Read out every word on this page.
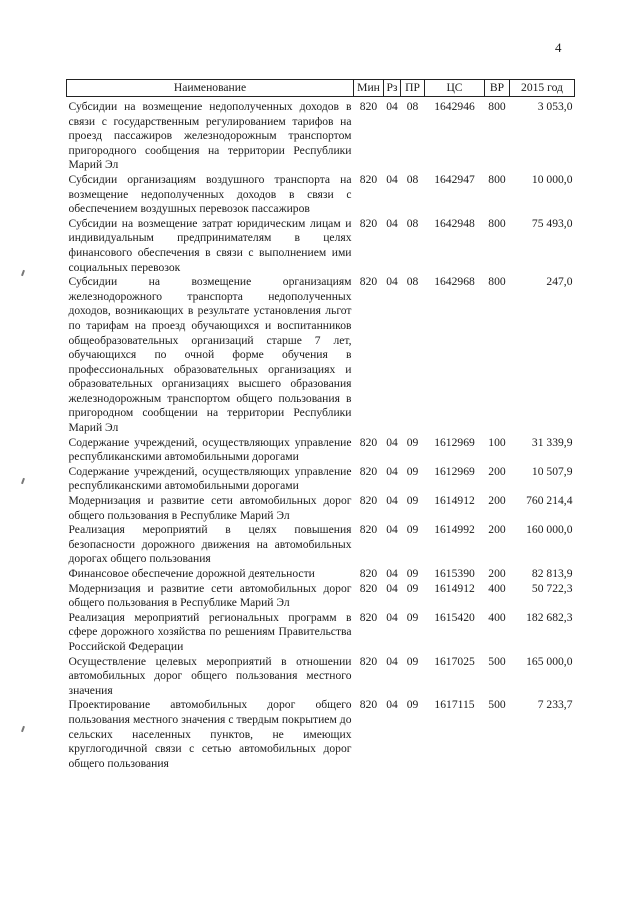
4
Наименование	Мин	Рз	ПР	ЦС	ВР	2015 год

Субсидии на возмещение недополученных доходов в связи с государственным регулированием тарифов на проезд пассажиров железнодорожным транспортом пригородного сообщения на территории Республики Марий Эл	820	04	08	1642946	800	3 053,0
Субсидии организациям воздушного транспорта на возмещение недополученных доходов в связи с обеспечением воздушных перевозок пассажиров	820	04	08	1642947	800	10 000,0
Субсидии на возмещение затрат юридическим лицам и индивидуальным предпринимателям в целях финансового обеспечения в связи с выполнением ими социальных перевозок	820	04	08	1642948	800	75 493,0
Субсидии на возмещение организациям железнодорожного транспорта недополученных доходов, возникающих в результате установления льгот по тарифам на проезд обучающихся и воспитанников общеобразовательных организаций старше 7 лет, обучающихся по очной форме обучения в профессиональных образовательных организациях и образовательных организациях высшего образования железнодорожным транспортом общего пользования в пригородном сообщении на территории Республики Марий Эл	820	04	08	1642968	800	247,0
Содержание учреждений, осуществляющих управление республиканскими автомобильными дорогами	820	04	09	1612969	100	31 339,9
Содержание учреждений, осуществляющих управление республиканскими автомобильными дорогами	820	04	09	1612969	200	10 507,9
Модернизация и развитие сети автомобильных дорог общего пользования в Республике Марий Эл	820	04	09	1614912	200	760 214,4
Реализация мероприятий в целях повышения безопасности дорожного движения на автомобильных дорогах общего пользования	820	04	09	1614992	200	160 000,0
Финансовое обеспечение дорожной деятельности	820	04	09	1615390	200	82 813,9
Модернизация и развитие сети автомобильных дорог общего пользования в Республике Марий Эл	820	04	09	1614912	400	50 722,3
Реализация мероприятий региональных программ в сфере дорожного хозяйства по решениям Правительства Российской Федерации	820	04	09	1615420	400	182 682,3
Осуществление целевых мероприятий в отношении автомобильных дорог общего пользования местного значения	820	04	09	1617025	500	165 000,0
Проектирование автомобильных дорог общего пользования местного значения с твердым покрытием до сельских населенных пунктов, не имеющих круглогодичной связи с сетью автомобильных дорог общего пользования	820	04	09	1617115	500	7 233,7
